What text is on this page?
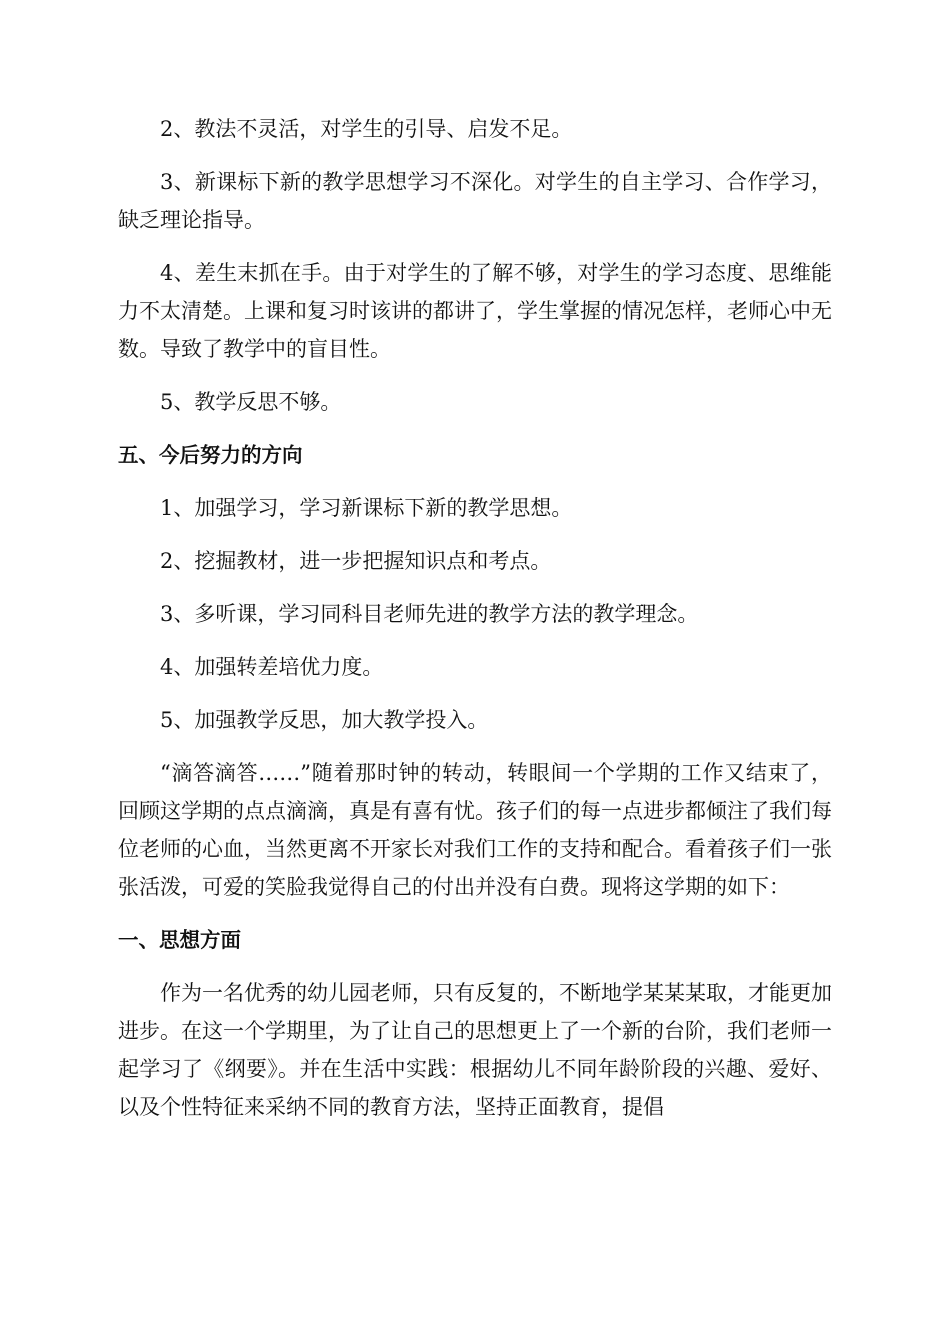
2、教法不灵活，对学生的引导、启发不足。

3、新课标下新的教学思想学习不深化。对学生的自主学习、合作学习，缺乏理论指导。

4、差生末抓在手。由于对学生的了解不够，对学生的学习态度、思维能力不太清楚。上课和复习时该讲的都讲了，学生掌握的情况怎样，老师心中无数。导致了教学中的盲目性。

5、教学反思不够。

五、今后努力的方向

1、加强学习，学习新课标下新的教学思想。

2、挖掘教材，进一步把握知识点和考点。

3、多听课，学习同科目老师先进的教学方法的教学理念。

4、加强转差培优力度。

5、加强教学反思，加大教学投入。

“滴答滴答……”随着那时钟的转动，转眼间一个学期的工作又结束了，回顾这学期的点点滴滴，真是有喜有忧。孩子们的每一点进步都倾注了我们每位老师的心血，当然更离不开家长对我们工作的支持和配合。看着孩子们一张张活泼，可爱的笑脸我觉得自己的付出并没有白费。现将这学期的如下：

一、思想方面

作为一名优秀的幼儿园老师，只有反复的，不断地学某某某取，才能更加进步。在这一个学期里，为了让自己的思想更上了一个新的台阶，我们老师一起学习了《纲要》。并在生活中实践：根据幼儿不同年龄阶段的兴趣、爱好、以及个性特征来采纳不同的教育方法，坚持正面教育，提倡
